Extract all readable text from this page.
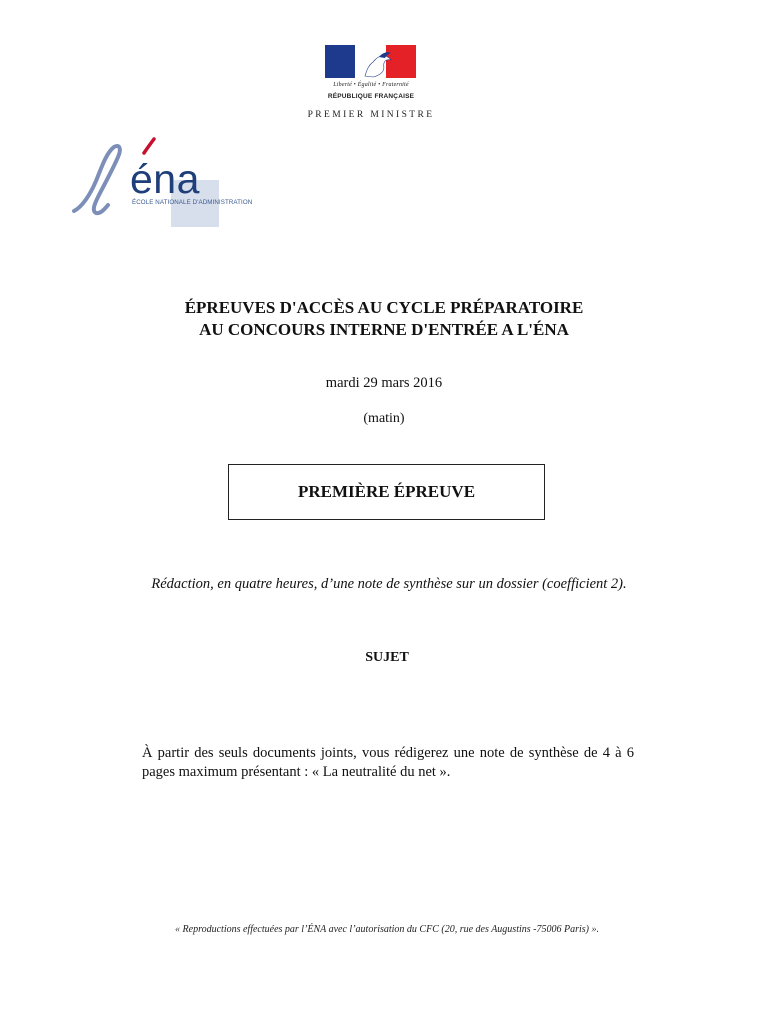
Liberté • Égalité • Fraternité
RÉPUBLIQUE FRANÇAISE
PREMIER MINISTRE
éna
ÉCOLE NATIONALE D'ADMINISTRATION
ÉPREUVES D'ACCÈS AU CYCLE PRÉPARATOIRE
AU CONCOURS INTERNE D'ENTRÉE A L'ÉNA
mardi 29 mars 2016
(matin)
PREMIÈRE ÉPREUVE
Rédaction, en quatre heures, d’une note de synthèse sur un dossier (coefficient 2).
SUJET
À partir des seuls documents joints, vous rédigerez une note de synthèse de 4 à 6 pages maximum présentant : « La neutralité du net ».
« Reproductions effectuées par l’ÉNA avec l’autorisation du CFC (20, rue des Augustins -75006 Paris) ».
